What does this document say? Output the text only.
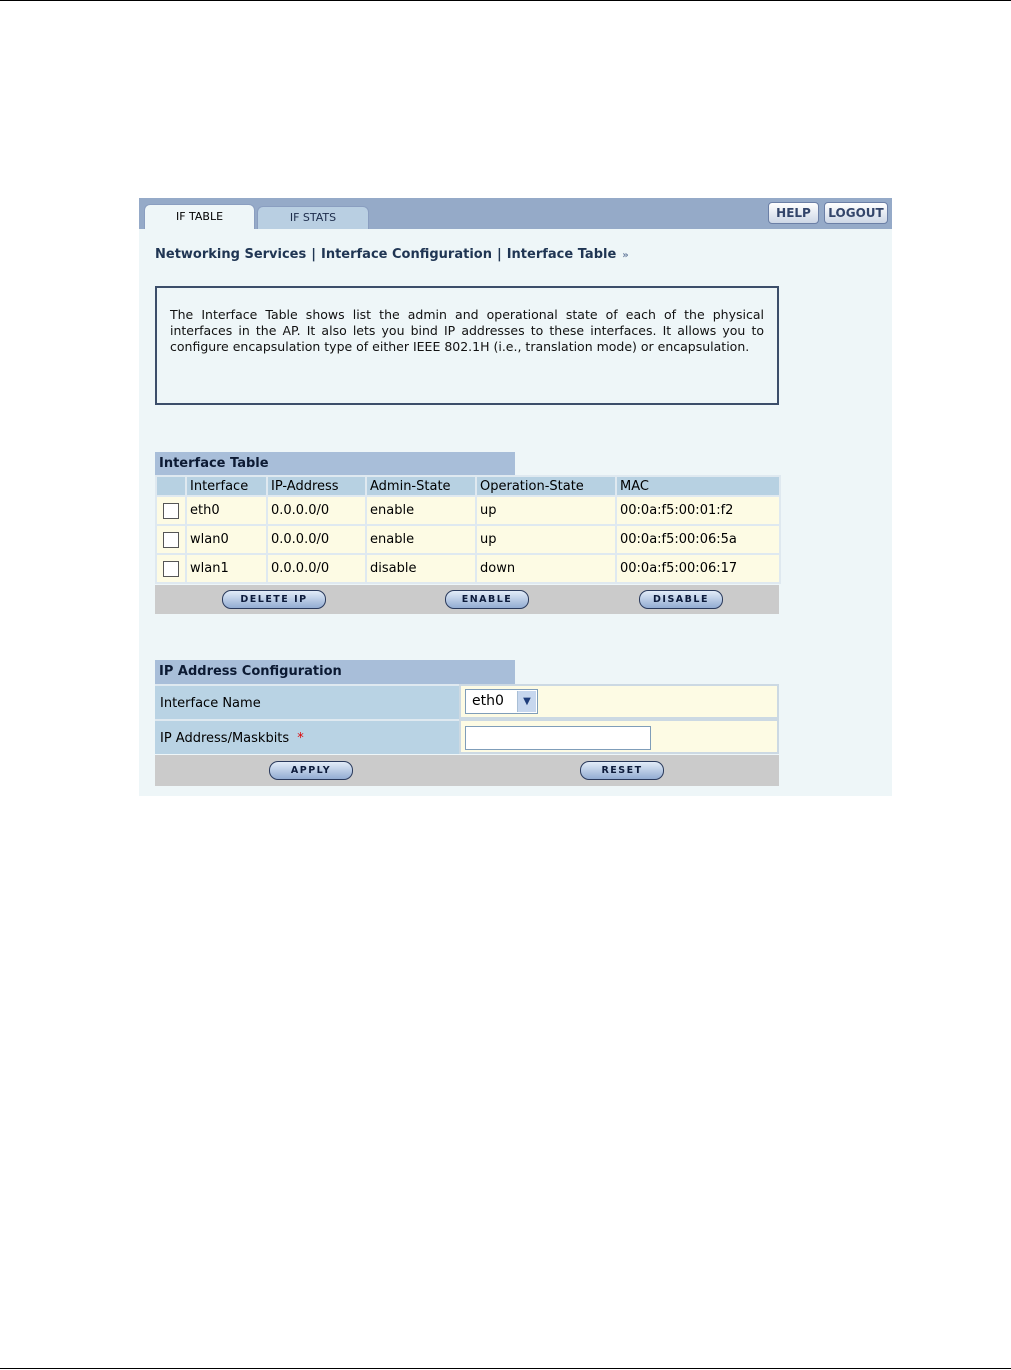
IF TABLE	IF STATS	HELP	LOGOUT
Networking Services | Interface Configuration | Interface Table »
The Interface Table shows list the admin and operational state of each of the physical interfaces in the AP. It also lets you bind IP addresses to these interfaces. It allows you to configure encapsulation type of either IEEE 802.1H (i.e., translation mode) or encapsulation.
Interface Table
	Interface	IP-Address	Admin-State	Operation-State	MAC
	eth0	0.0.0.0/0	enable	up	00:0a:f5:00:01:f2
	wlan0	0.0.0.0/0	enable	up	00:0a:f5:00:06:5a
	wlan1	0.0.0.0/0	disable	down	00:0a:f5:00:06:17
DELETE IP	ENABLE	DISABLE
IP Address Configuration
Interface Name	eth0	▼
IP Address/Maskbits *
APPLY	RESET
